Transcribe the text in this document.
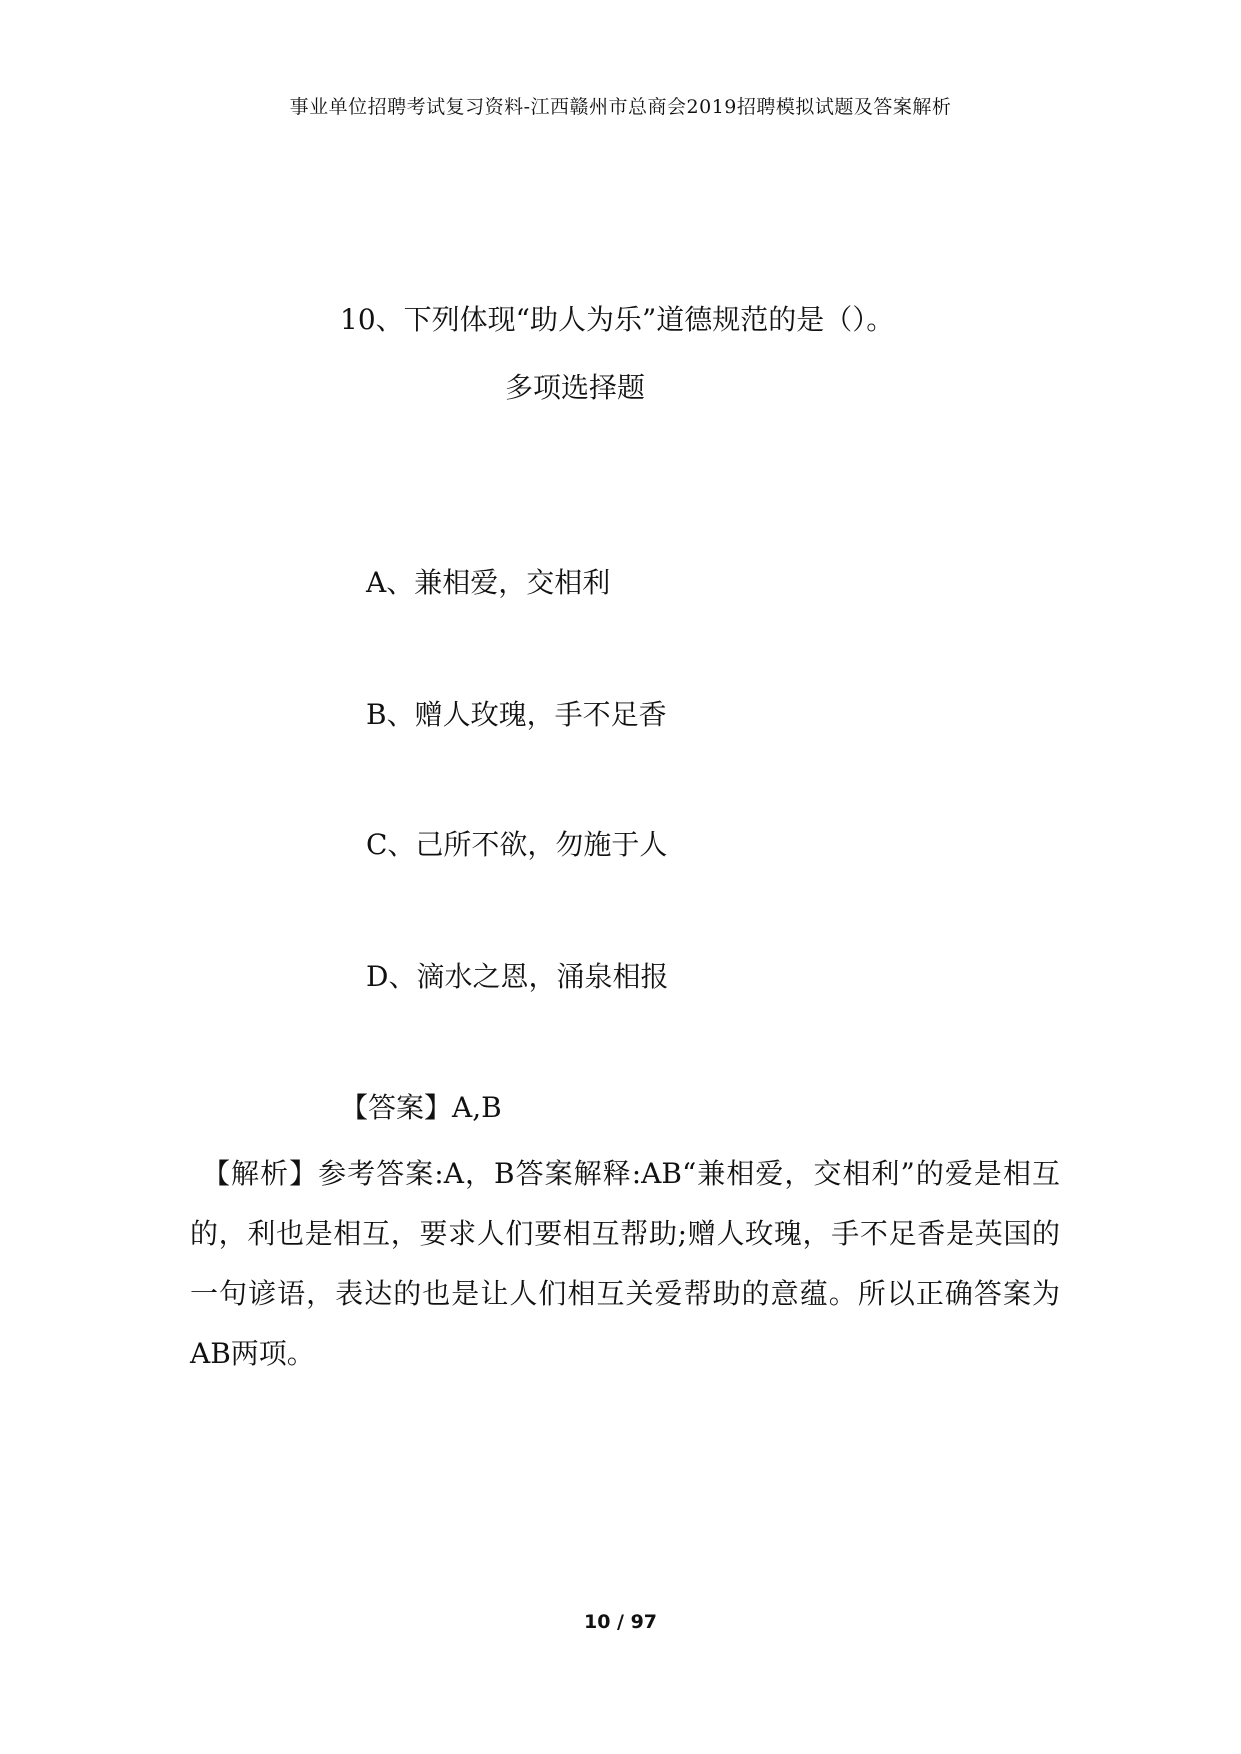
事业单位招聘考试复习资料-江西赣州市总商会2019招聘模拟试题及答案解析
10、下列体现“助人为乐”道德规范的是（）。
多项选择题
A、兼相爱，交相利
B、赠人玫瑰，手不足香
C、己所不欲，勿施于人
D、滴水之恩，涌泉相报
【答案】A,B
【解析】参考答案:A，B答案解释:AB“兼相爱，交相利”的爱是相互的，利也是相互，要求人们要相互帮助;赠人玫瑰，手不足香是英国的一句谚语，表达的也是让人们相互关爱帮助的意蕴。所以正确答案为AB两项。
10 / 97
